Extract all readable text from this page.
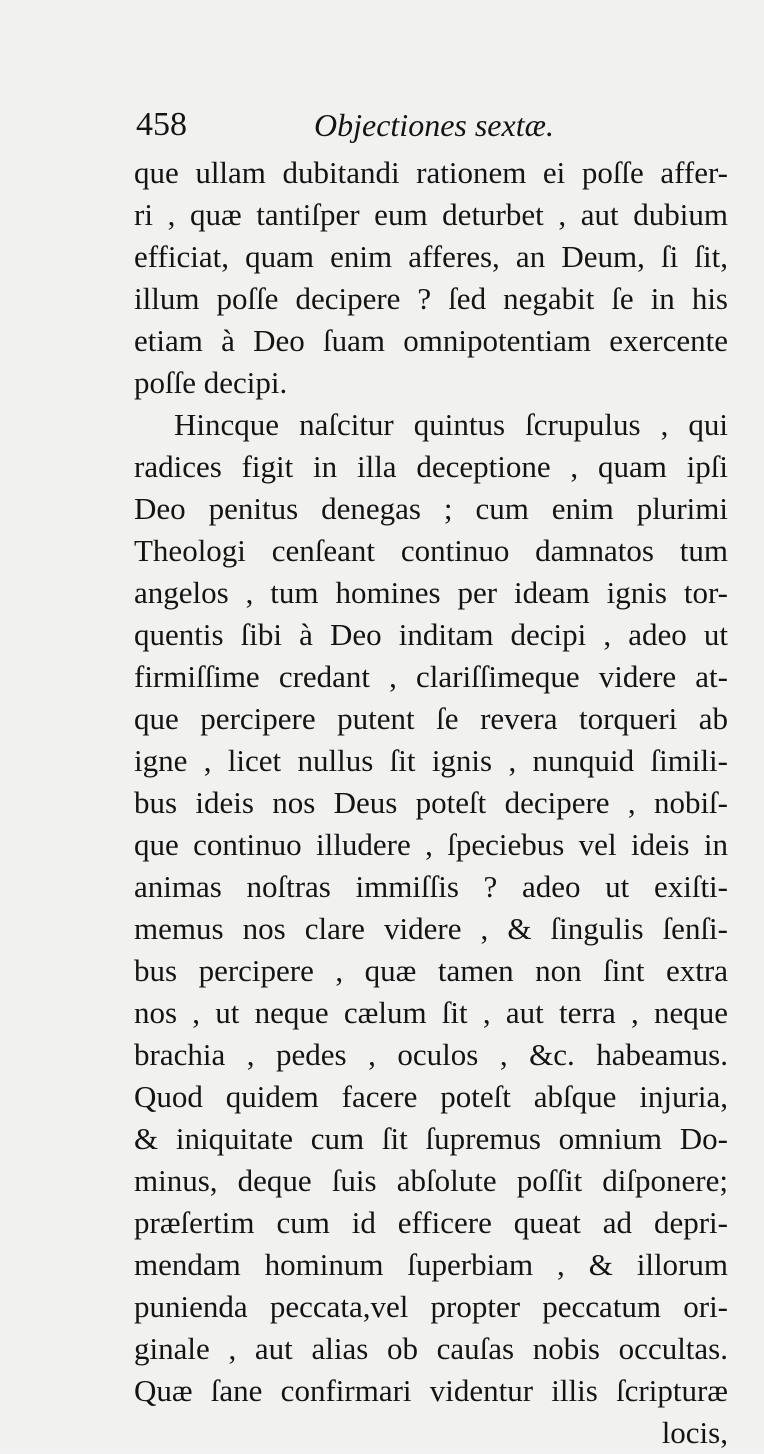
458	Objectiones sextæ.
que ullam dubitandi rationem ei poſſe affer-
ri , quæ tantiſper eum deturbet , aut dubium
efficiat, quam enim afferes, an Deum, ſi ſit,
illum poſſe decipere ? ſed negabit ſe in his
etiam à Deo ſuam omnipotentiam exercente
poſſe decipi.
Hincque naſcitur quintus ſcrupulus , qui
radices figit in illa deceptione , quam ipſi
Deo penitus denegas ; cum enim plurimi
Theologi cenſeant continuo damnatos tum
angelos , tum homines per ideam ignis tor-
quentis ſibi à Deo inditam decipi , adeo ut
firmiſſime credant , clariſſimeque videre at-
que percipere putent ſe revera torqueri ab
igne , licet nullus ſit ignis , nunquid ſimili-
bus ideis nos Deus poteſt decipere , nobiſ-
que continuo illudere , ſpeciebus vel ideis in
animas noſtras immiſſis ? adeo ut exiſti-
memus nos clare videre , & ſingulis ſenſi-
bus percipere , quæ tamen non ſint extra
nos , ut neque cælum ſit , aut terra , neque
brachia , pedes , oculos , &c. habeamus.
Quod quidem facere poteſt abſque injuria,
& iniquitate cum ſit ſupremus omnium Do-
minus, deque ſuis abſolute poſſit diſponere;
præſertim cum id efficere queat ad depri-
mendam hominum ſuperbiam , & illorum
punienda peccata,vel propter peccatum ori-
ginale , aut alias ob cauſas nobis occultas.
Quæ ſane confirmari videntur illis ſcripturæ
locis,
